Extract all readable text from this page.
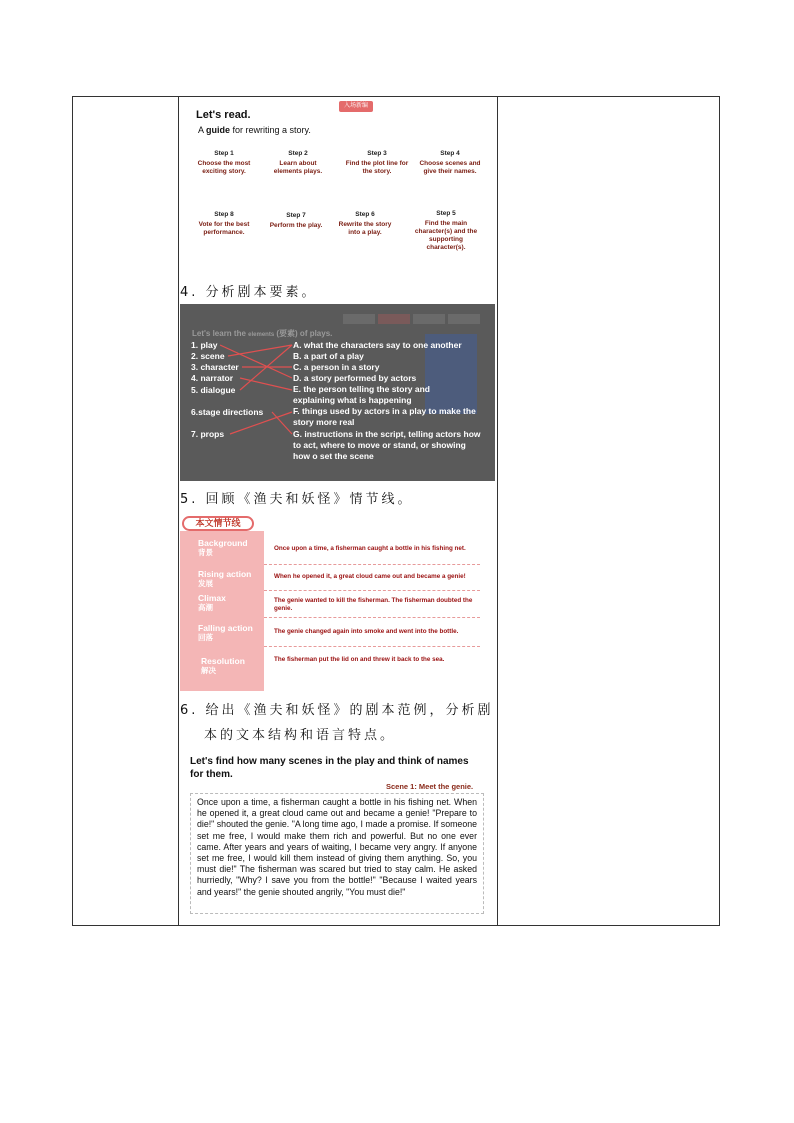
Let's read.
入场新编
A guide for rewriting a story.
Step 1
Choose the most exciting story.
Step 2
Learn about elements plays.
Step 3
Find the plot line for the story.
Step 4
Choose scenes and give their names.
Step 8
Vote for the best performance.
Step 7
Perform the play.
Step 6
Rewrite the story into a play.
Step 5
Find the main character(s) and the supporting character(s).
4. 分析剧本要素。
Let's learn the elements (要素) of plays.
1. play
2. scene
3. character
4. narrator
5. dialogue
6.stage directions
7. props
A. what the characters say to one another
B. a part of a play
C. a person in a story
D. a story performed by actors
E. the person telling the story and explaining what is happening
F. things used by actors in a play to make the story more real
G. instructions in the script, telling actors how to act, where to move or stand, or showing how o set the scene
5. 回顾《渔夫和妖怪》情节线。
本文情节线
Background
背景
Rising action
发展
Climax
高潮
Falling action
回落
Resolution
解决
Once upon a time, a fisherman caught a bottle in his fishing net.
When he opened it, a great cloud came out and became a genie!
The genie wanted to kill the fisherman. The fisherman doubted the genie.
The genie changed again into smoke and went into the bottle.
The fisherman put the lid on and threw it back to the sea.
6. 给出《渔夫和妖怪》的剧本范例，分析剧
本的文本结构和语言特点。
Let's find how many scenes in the play and think of names for them.
Scene 1: Meet the genie.
Once upon a time, a fisherman caught a bottle in his fishing net. When he opened it, a great cloud came out and became a genie! "Prepare to die!" shouted the genie. "A long time ago, I made a promise. If someone set me free, I would make them rich and powerful. But no one ever came. After years and years of waiting, I became very angry. If anyone set me free, I would kill them instead of giving them anything. So, you must die!" The fisherman was scared but tried to stay calm. He asked hurriedly, "Why? I save you from the bottle!" "Because I waited years and years!" the genie shouted angrily, "You must die!"
